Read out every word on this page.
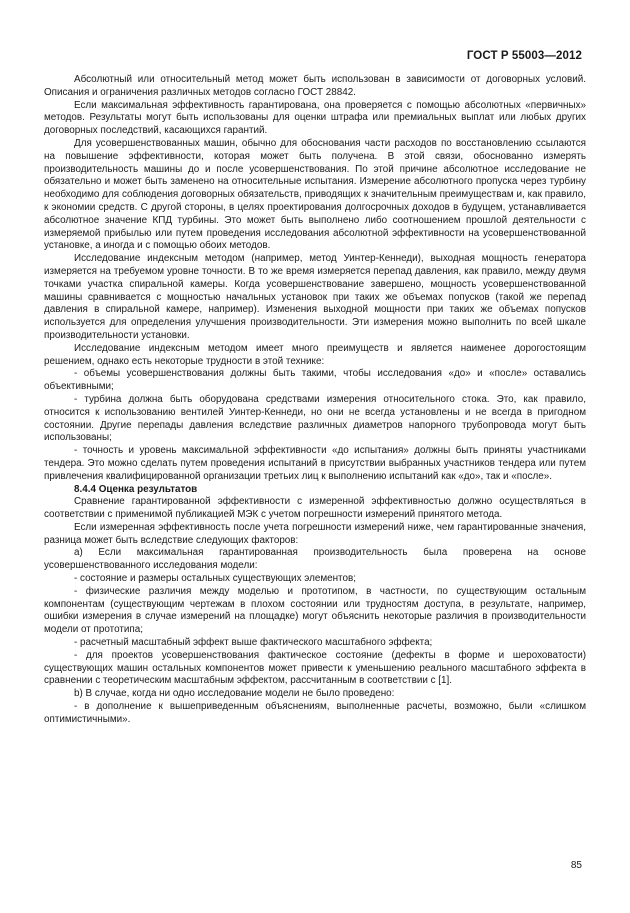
ГОСТ Р 55003—2012

Абсолютный или относительный метод может быть использован в зависимости от договорных условий. Описания и ограничения различных методов согласно ГОСТ 28842.

Если максимальная эффективность гарантирована, она проверяется с помощью абсолютных «первичных» методов. Результаты могут быть использованы для оценки штрафа или премиальных выплат или любых других договорных последствий, касающихся гарантий.

Для усовершенствованных машин, обычно для обоснования части расходов по восстановлению ссылаются на повышение эффективности, которая может быть получена. В этой связи, обоснованно измерять производительность машины до и после усовершенствования. По этой причине абсолютное исследование не обязательно и может быть заменено на относительные испытания. Измерение абсолютного пропуска через турбину необходимо для соблюдения договорных обязательств, приводящих к значительным преимуществам и, как правило, к экономии средств. С другой стороны, в целях проектирования долгосрочных доходов в будущем, устанавливается абсолютное значение КПД турбины. Это может быть выполнено либо соотношением прошлой деятельности с измеряемой прибылью или путем проведения исследования абсолютной эффективности на усовершенствованной установке, а иногда и с помощью обоих методов.

Исследование индексным методом (например, метод Уинтер-Кеннеди), выходная мощность генератора измеряется на требуемом уровне точности. В то же время измеряется перепад давления, как правило, между двумя точками участка спиральной камеры. Когда усовершенствование завершено, мощность усовершенствованной машины сравнивается с мощностью начальных установок при таких же объемах попусков (такой же перепад давления в спиральной камере, например). Изменения выходной мощности при таких же объемах попусков используется для определения улучшения производительности. Эти измерения можно выполнить по всей шкале производительности установки.

Исследование индексным методом имеет много преимуществ и является наименее дорогостоящим решением, однако есть некоторые трудности в этой технике:

- объемы усовершенствования должны быть такими, чтобы исследования «до» и «после» оставались объективными;

- турбина должна быть оборудована средствами измерения относительного стока. Это, как правило, относится к использованию вентилей Уинтер-Кеннеди, но они не всегда установлены и не всегда в пригодном состоянии. Другие перепады давления вследствие различных диаметров напорного трубопровода могут быть использованы;

- точность и уровень максимальной эффективности «до испытания» должны быть приняты участниками тендера. Это можно сделать путем проведения испытаний в присутствии выбранных участников тендера или путем привлечения квалифицированной организации третьих лиц к выполнению испытаний как «до», так и «после».

8.4.4 Оценка результатов

Сравнение гарантированной эффективности с измеренной эффективностью должно осуществляться в соответствии с применимой публикацией МЭК с учетом погрешности измерений принятого метода.

Если измеренная эффективность после учета погрешности измерений ниже, чем гарантированные значения, разница может быть вследствие следующих факторов:

а) Если максимальная гарантированная производительность была проверена на основе усовершенствованного исследования модели:

- состояние и размеры остальных существующих элементов;

- физические различия между моделью и прототипом, в частности, по существующим остальным компонентам (существующим чертежам в плохом состоянии или трудностям доступа, в результате, например, ошибки измерения в случае измерений на площадке) могут объяснить некоторые различия в производительности модели от прототипа;

- расчетный масштабный эффект выше фактического масштабного эффекта;

- для проектов усовершенствования фактическое состояние (дефекты в форме и шероховатости) существующих машин остальных компонентов может привести к уменьшению реального масштабного эффекта в сравнении с теоретическим масштабным эффектом, рассчитанным в соответствии с [1].

b) В случае, когда ни одно исследование модели не было проведено:

- в дополнение к вышеприведенным объяснениям, выполненные расчеты, возможно, были «слишком оптимистичными».

85
